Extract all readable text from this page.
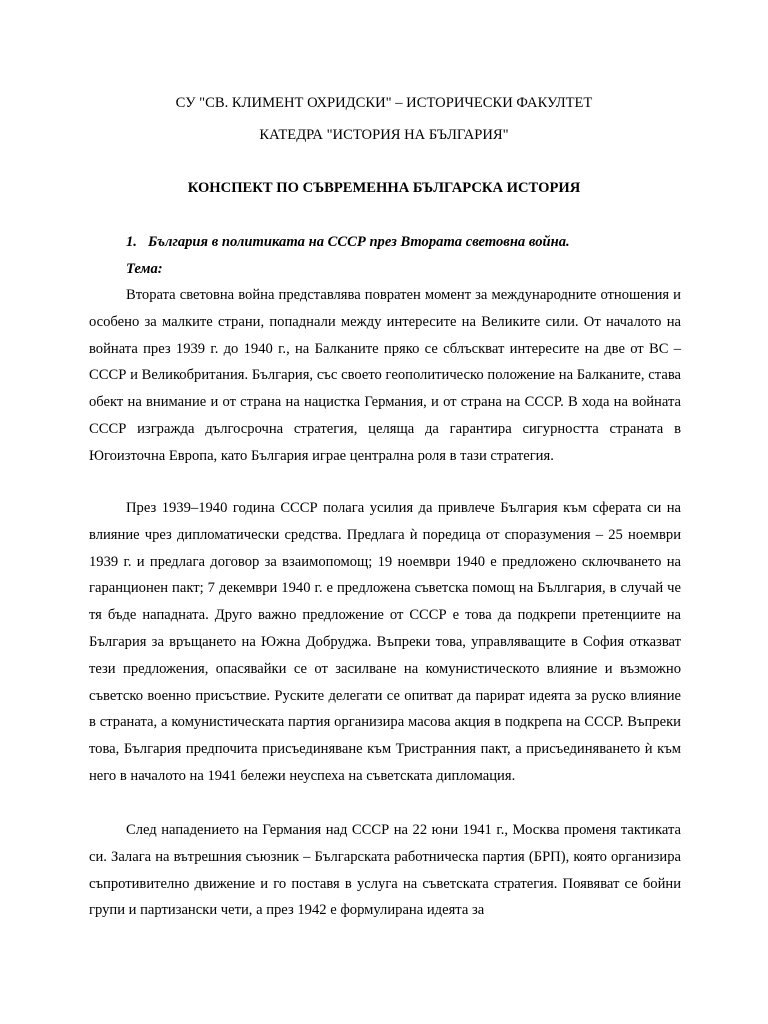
СУ "СВ. КЛИМЕНТ ОХРИДСКИ" – ИСТОРИЧЕСКИ ФАКУЛТЕТ
КАТЕДРА "ИСТОРИЯ НА БЪЛГАРИЯ"
КОНСПЕКТ ПО СЪВРЕМЕННА БЪЛГАРСКА ИСТОРИЯ
1. България в политиката на СССР през Втората световна война.
Тема:

Втората световна война представлява повратен момент за международните отношения и особено за малките страни, попаднали между интересите на Великите сили. От началото на войната през 1939 г. до 1940 г., на Балканите пряко се сблъскват интересите на две от ВС – СССР и Великобритания. България, със своето геополитическо положение на Балканите, става обект на внимание и от страна на нацистка Германия, и от страна на СССР. В хода на войната СССР изгражда дългосрочна стратегия, целяща да гарантира сигурността страната в Югоизточна Европа, като България играе централна роля в тази стратегия.

През 1939–1940 година СССР полага усилия да привлече България към сферата си на влияние чрез дипломатически средства. Предлага ѝ поредица от споразумения – 25 ноември 1939 г. и предлага договор за взаимопомощ; 19 ноември 1940 е предложено сключването на гаранционен пакт; 7 декември 1940 г. е предложена съветска помощ на Бъллгария, в случай че тя бъде нападната. Друго важно предложение от СССР е това да подкрепи претенциите на България за връщането на Южна Добруджа. Въпреки това, управляващите в София отказват тези предложения, опасявайки се от засилване на комунистическото влияние и възможно съветско военно присъствие. Руските делегати се опитват да парират идеята за руско влияние в страната, а комунистическата партия организира масова акция в подкрепа на СССР. Въпреки това, България предпочита присъединяване към Тристранния пакт, а присъединяването ѝ към него в началото на 1941 бележи неуспеха на съветската дипломация.

След нападението на Германия над СССР на 22 юни 1941 г., Москва променя тактиката си. Залага на вътрешния съюзник – Българската работническа партия (БРП), която организира съпротивително движение и го поставя в услуга на съветската стратегия. Появяват се бойни групи и партизански чети, а през 1942 е формулирана идеята за
